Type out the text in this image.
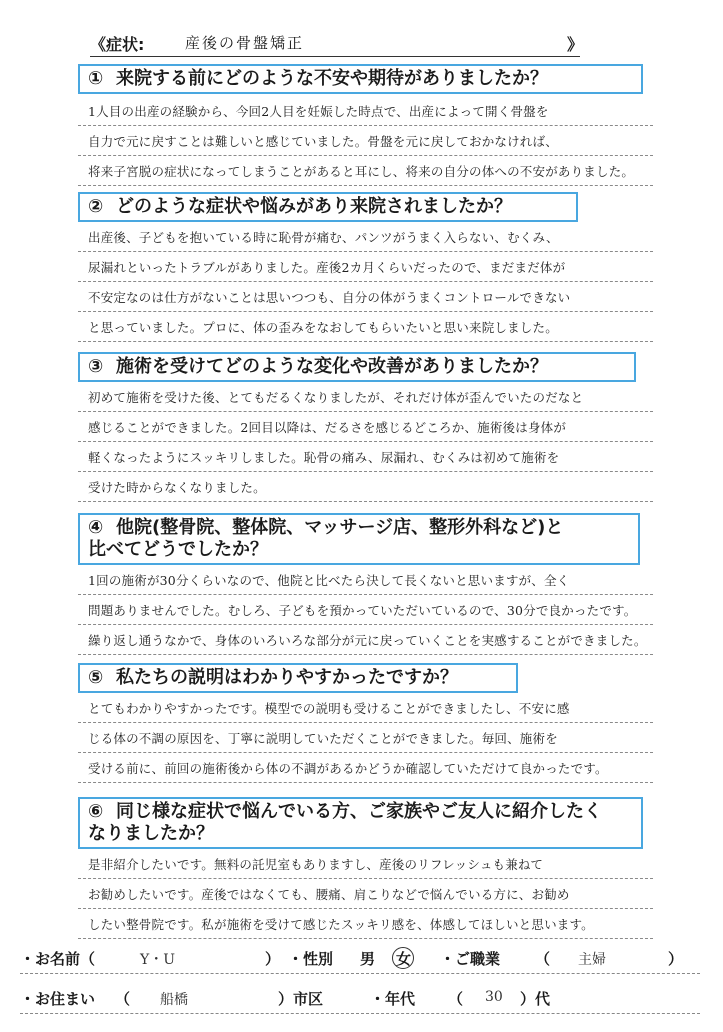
《症状:	産後の骨盤矯正	》
① 来院する前にどのような不安や期待がありましたか？
1人目の出産の経験から、今回2人目を妊娠した時点で、出産によって開く骨盤を
自力で元に戻すことは難しいと感じていました。骨盤を元に戻しておかなければ、
将来子宮脱の症状になってしまうことがあると耳にし、将来の自分の体への不安がありました。
② どのような症状や悩みがあり来院されましたか？
出産後、子どもを抱いている時に恥骨が痛む、パンツがうまく入らない、むくみ、
尿漏れといったトラブルがありました。産後2カ月くらいだったので、まだまだ体が
不安定なのは仕方がないことは思いつつも、自分の体がうまくコントロールできない
と思っていました。プロに、体の歪みをなおしてもらいたいと思い来院しました。
③ 施術を受けてどのような変化や改善がありましたか？
初めて施術を受けた後、とてもだるくなりましたが、それだけ体が歪んでいたのだなと
感じることができました。2回目以降は、だるさを感じるどころか、施術後は身体が
軽くなったようにスッキリしました。恥骨の痛み、尿漏れ、むくみは初めて施術を
受けた時からなくなりました。
④ 他院(整骨院、整体院、マッサージ店、整形外科など)と
比べてどうでしたか？
1回の施術が30分くらいなので、他院と比べたら決して長くないと思いますが、全く
問題ありませんでした。むしろ、子どもを預かっていただいているので、30分で良かったです。
繰り返し通うなかで、身体のいろいろな部分が元に戻っていくことを実感することができました。
⑤ 私たちの説明はわかりやすかったですか？
とてもわかりやすかったです。模型での説明も受けることができましたし、不安に感
じる体の不調の原因を、丁寧に説明していただくことができました。毎回、施術を
受ける前に、前回の施術後から体の不調があるかどうか確認していただけて良かったです。
⑥ 同じ様な症状で悩んでいる方、ご家族やご友人に紹介したく
なりましたか？
是非紹介したいです。無料の託児室もありますし、産後のリフレッシュも兼ねて
お勧めしたいです。産後ではなくても、腰痛、肩こりなどで悩んでいる方に、お勧め
したい整骨院です。私が施術を受けて感じたスッキリ感を、体感してほしいと思います。
・お名前（	Y・U	） ・性別 男 女 ・ご職業 （ 主婦	）
・お住まい （ 船橋	）市区	・年代 （ 30 ）代
